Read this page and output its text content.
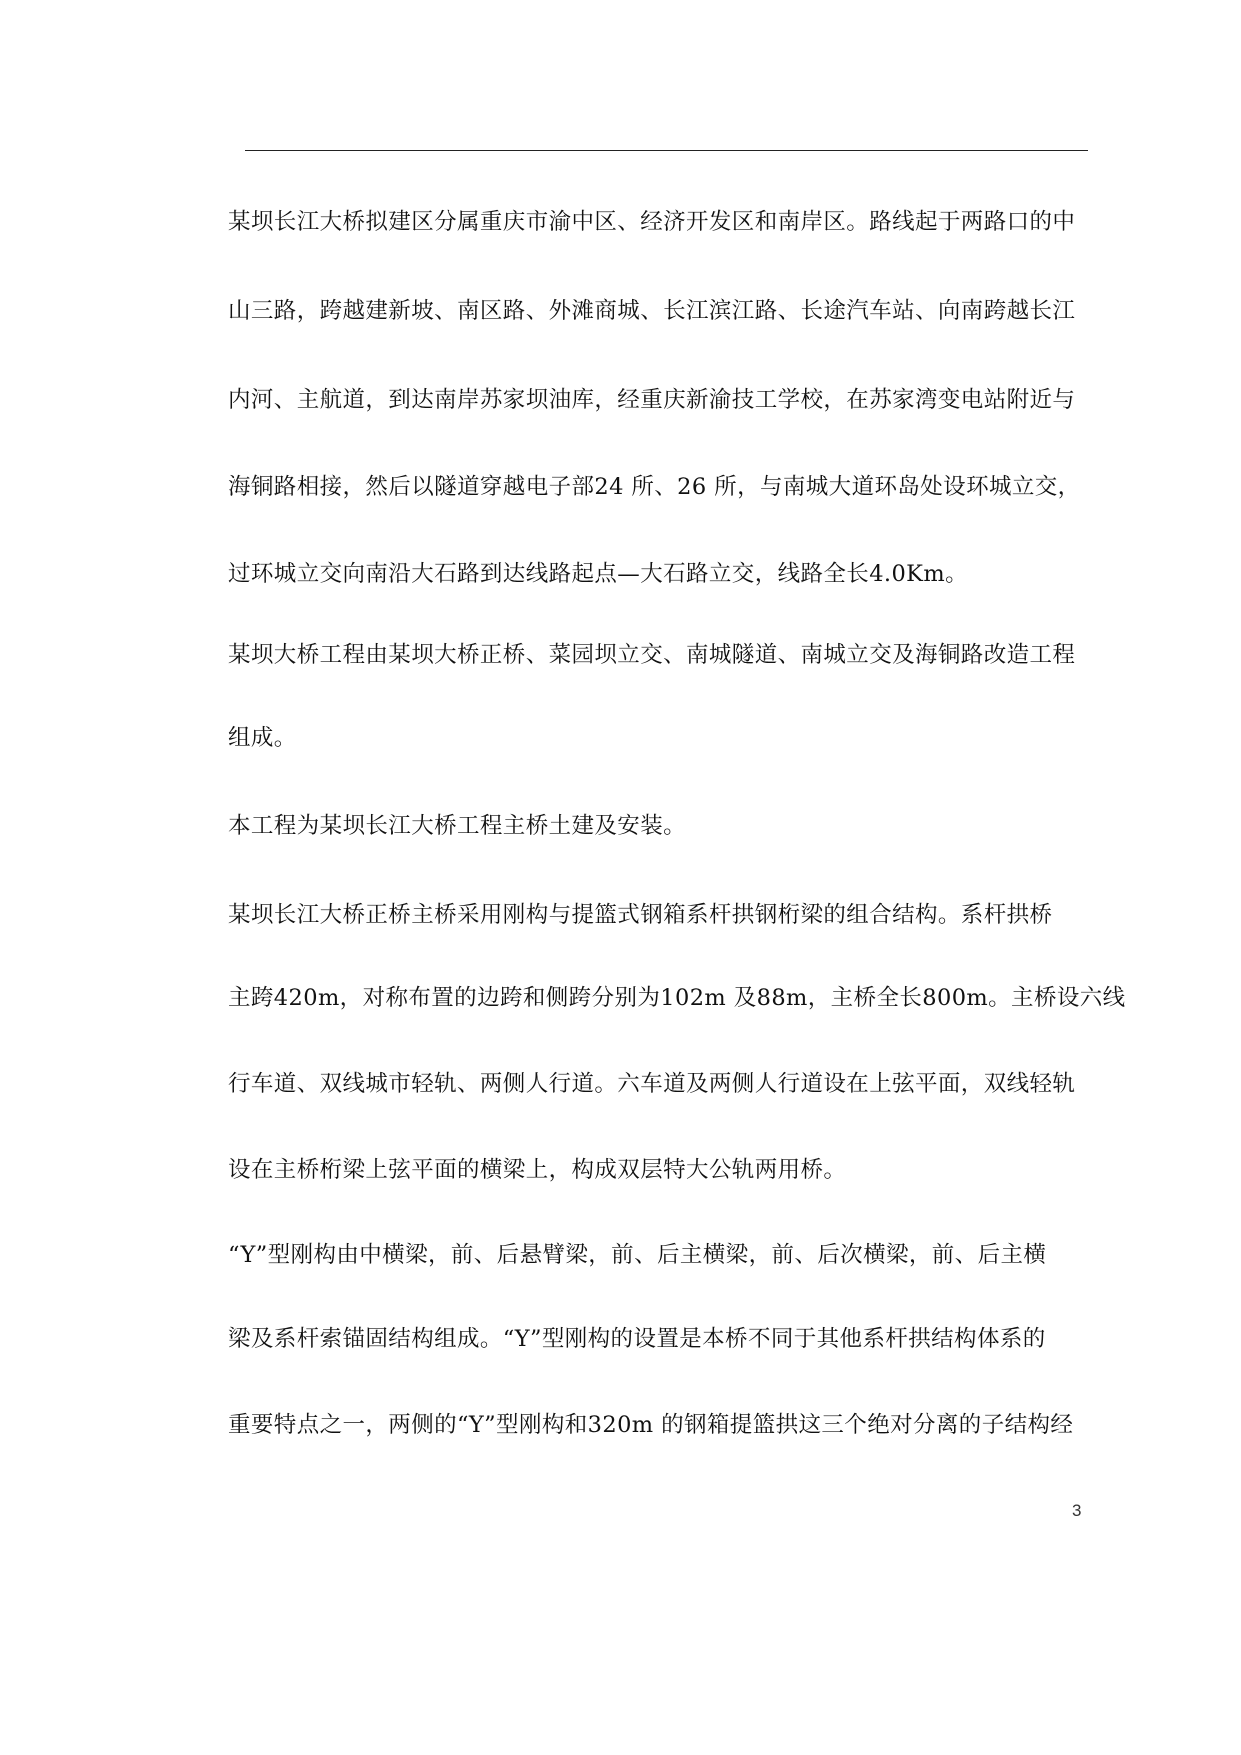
某坝长江大桥拟建区分属重庆市渝中区、经济开发区和南岸区。路线起于两路口的中
山三路，跨越建新坡、南区路、外滩商城、长江滨江路、长途汽车站、向南跨越长江
内河、主航道，到达南岸苏家坝油库，经重庆新渝技工学校，在苏家湾变电站附近与
海铜路相接，然后以隧道穿越电子部24 所、26 所，与南城大道环岛处设环城立交，
过环城立交向南沿大石路到达线路起点—大石路立交，线路全长4.0Km。
某坝大桥工程由某坝大桥正桥、菜园坝立交、南城隧道、南城立交及海铜路改造工程
组成。
本工程为某坝长江大桥工程主桥土建及安装。
某坝长江大桥正桥主桥采用刚构与提篮式钢箱系杆拱钢桁梁的组合结构。系杆拱桥
主跨420m，对称布置的边跨和侧跨分别为102m 及88m，主桥全长800m。主桥设六线
行车道、双线城市轻轨、两侧人行道。六车道及两侧人行道设在上弦平面，双线轻轨
设在主桥桁梁上弦平面的横梁上，构成双层特大公轨两用桥。
“Y”型刚构由中横梁，前、后悬臂梁，前、后主横梁，前、后次横梁，前、后主横
梁及系杆索锚固结构组成。“Y”型刚构的设置是本桥不同于其他系杆拱结构体系的
重要特点之一，两侧的“Y”型刚构和320m 的钢箱提篮拱这三个绝对分离的子结构经
3
